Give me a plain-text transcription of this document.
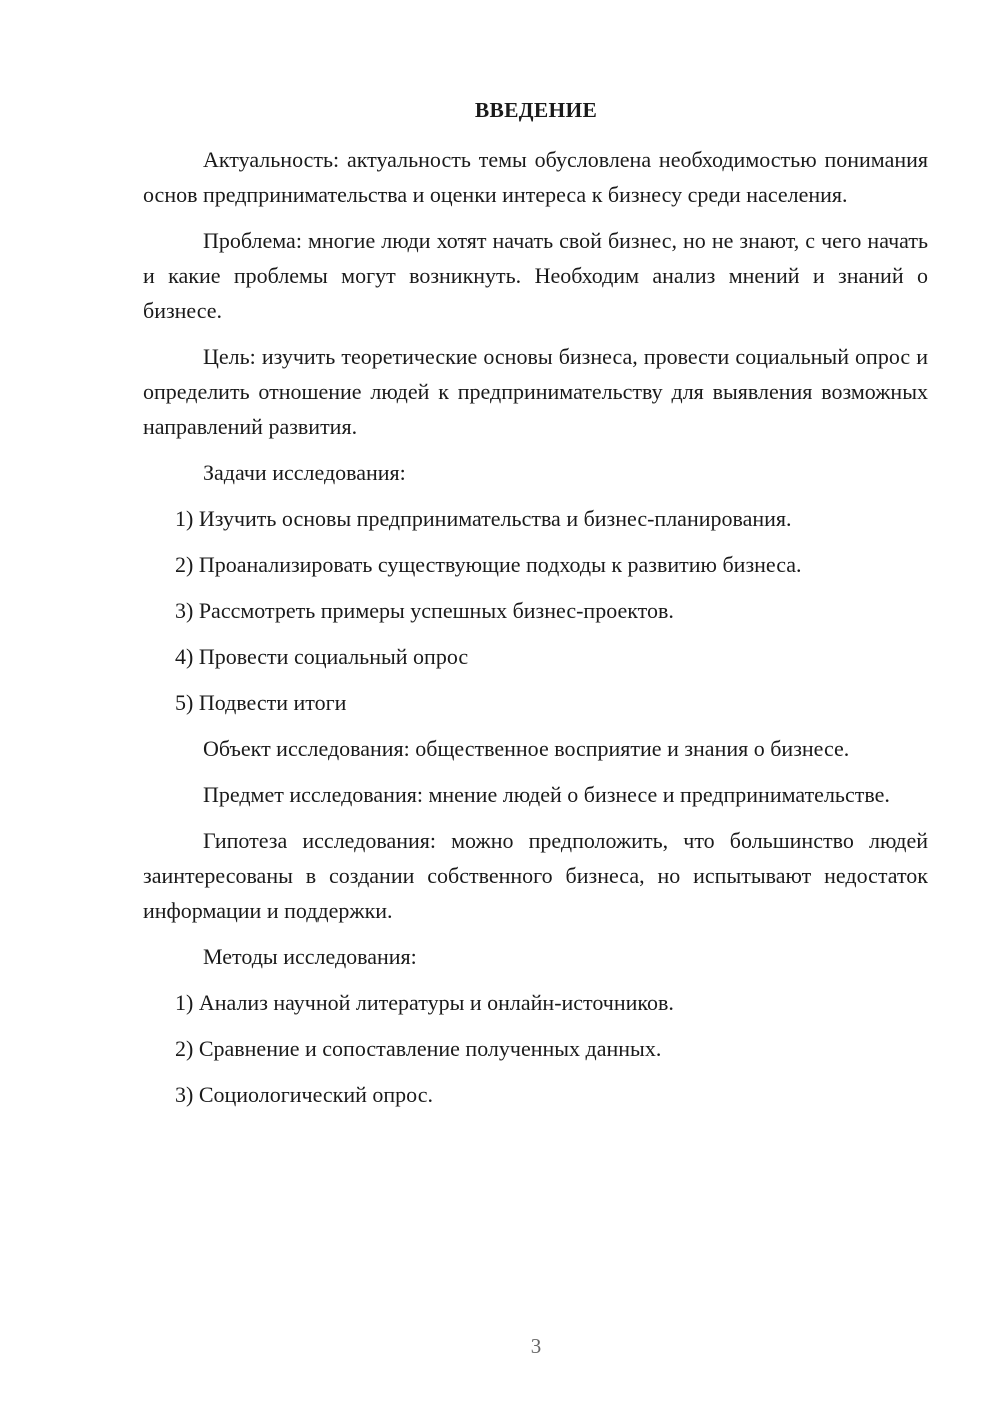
ВВЕДЕНИЕ

Актуальность: актуальность темы обусловлена необходимостью понимания основ предпринимательства и оценки интереса к бизнесу среди населения.

Проблема: многие люди хотят начать свой бизнес, но не знают, с чего начать и какие проблемы могут возникнуть. Необходим анализ мнений и знаний о бизнесе.

Цель: изучить теоретические основы бизнеса, провести социальный опрос и определить отношение людей к предпринимательству для выявления возможных направлений развития.

Задачи исследования:

1) Изучить основы предпринимательства и бизнес-планирования.
2) Проанализировать существующие подходы к развитию бизнеса.
3) Рассмотреть примеры успешных бизнес-проектов.
4) Провести социальный опрос
5) Подвести итоги

Объект исследования: общественное восприятие и знания о бизнесе.

Предмет исследования: мнение людей о бизнесе и предпринимательстве.

Гипотеза исследования: можно предположить, что большинство людей заинтересованы в создании собственного бизнеса, но испытывают недостаток информации и поддержки.

Методы исследования:

1) Анализ научной литературы и онлайн-источников.
2) Сравнение и сопоставление полученных данных.
3) Социологический опрос.
3
